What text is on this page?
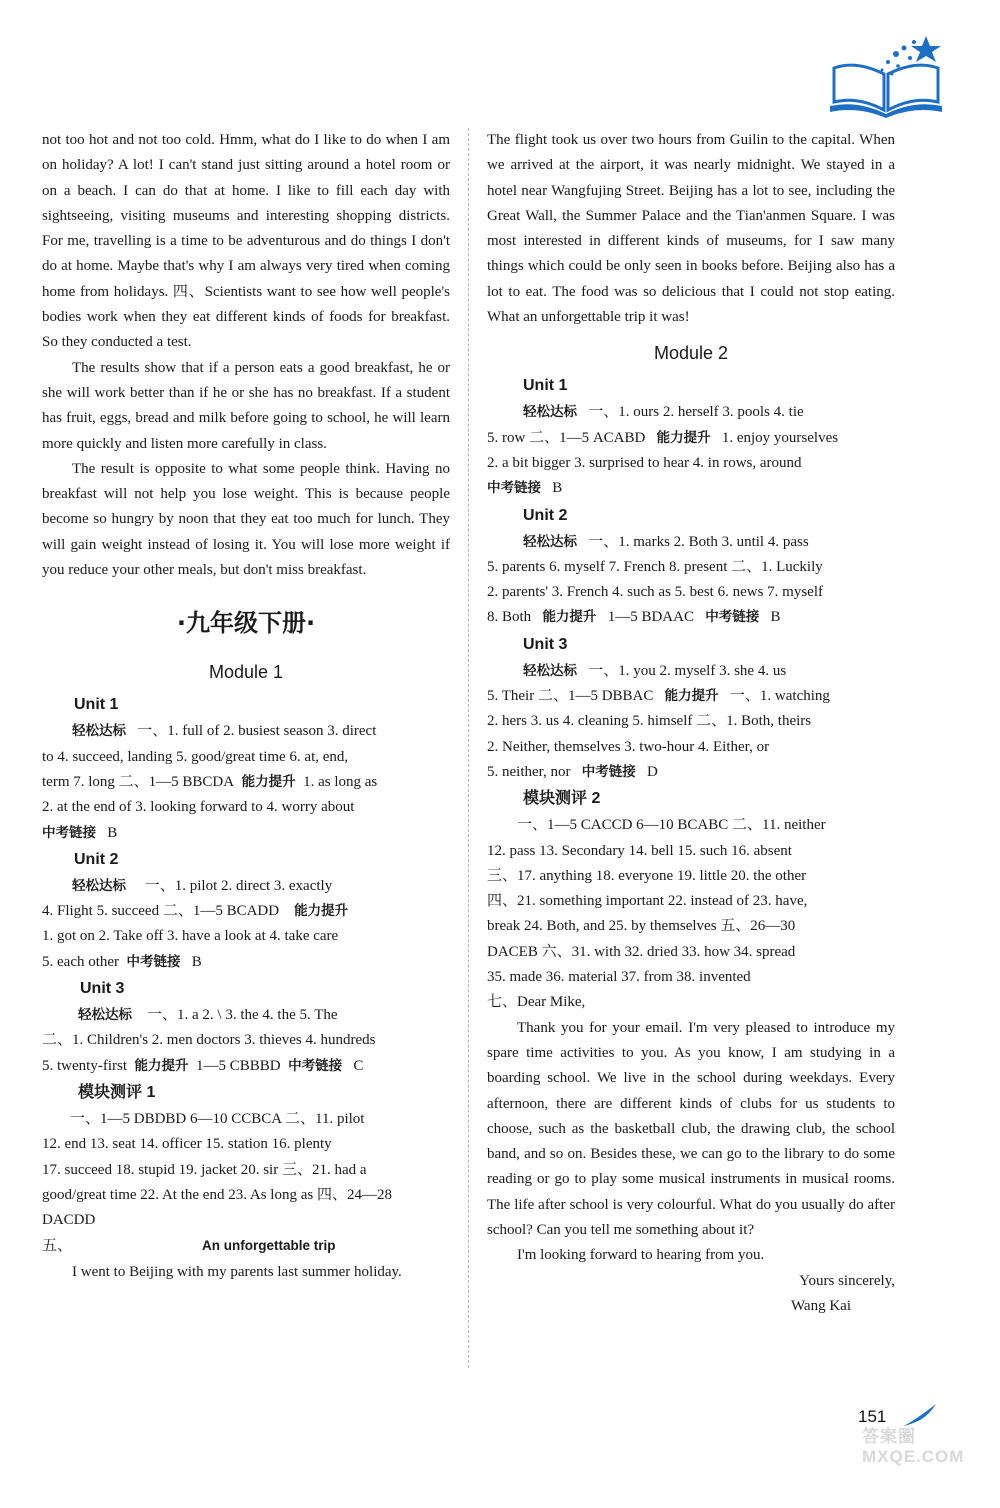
not too hot and not too cold. Hmm, what do I like to do when I am on holiday? A lot! I can't stand just sitting around a hotel room or on a beach. I can do that at home. I like to fill each day with sightseeing, visiting museums and interesting shopping districts. For me, travelling is a time to be adventurous and do things I don't do at home. Maybe that's why I am always very tired when coming home from holidays. 四、Scientists want to see how well people's bodies work when they eat different kinds of foods for breakfast. So they conducted a test.

The results show that if a person eats a good breakfast, he or she will work better than if he or she has no breakfast. If a student has fruit, eggs, bread and milk before going to school, he will learn more quickly and listen more carefully in class.

The result is opposite to what some people think. Having no breakfast will not help you lose weight. This is because people become so hungry by noon that they eat too much for lunch. They will gain weight instead of losing it. You will lose more weight if you reduce your other meals, but don't miss breakfast.

·九年级下册·
Module 1
Unit 1
轻松达标 一、1. full of 2. busiest season 3. direct
to 4. succeed, landing 5. good/great time 6. at, end,
term 7. long 二、1—5 BBCDA 能力提升 1. as long as
2. at the end of 3. looking forward to 4. worry about
中考链接 B
Unit 2
轻松达标 一、1. pilot 2. direct 3. exactly
4. Flight 5. succeed 二、1—5 BCADD 能力提升
1. got on 2. Take off 3. have a look at 4. take care
5. each other 中考链接 B
Unit 3
轻松达标 一、1. a 2. \ 3. the 4. the 5. The
二、1. Children's 2. men doctors 3. thieves 4. hundreds
5. twenty-first 能力提升 1—5 CBBBD 中考链接 C
模块测评 1
一、1—5 DBDBD 6—10 CCBCA 二、11. pilot
12. end 13. seat 14. officer 15. station 16. plenty
17. succeed 18. stupid 19. jacket 20. sir 三、21. had a
good/great time 22. At the end 23. As long as 四、24—28
DACDD
五、	An unforgettable trip
I went to Beijing with my parents last summer holiday.

The flight took us over two hours from Guilin to the capital. When we arrived at the airport, it was nearly midnight. We stayed in a hotel near Wangfujing Street. Beijing has a lot to see, including the Great Wall, the Summer Palace and the Tian'anmen Square. I was most interested in different kinds of museums, for I saw many things which could be only seen in books before. Beijing also has a lot to eat. The food was so delicious that I could not stop eating. What an unforgettable trip it was!

Module 2
Unit 1
轻松达标 一、1. ours 2. herself 3. pools 4. tie
5. row 二、1—5 ACABD 能力提升 1. enjoy yourselves
2. a bit bigger 3. surprised to hear 4. in rows, around
中考链接 B
Unit 2
轻松达标 一、1. marks 2. Both 3. until 4. pass
5. parents 6. myself 7. French 8. present 二、1. Luckily
2. parents' 3. French 4. such as 5. best 6. news 7. myself
8. Both 能力提升 1—5 BDAAC 中考链接 B
Unit 3
轻松达标 一、1. you 2. myself 3. she 4. us
5. Their 二、1—5 DBBAC 能力提升 一、1. watching
2. hers 3. us 4. cleaning 5. himself 二、1. Both, theirs
2. Neither, themselves 3. two-hour 4. Either, or
5. neither, nor 中考链接 D
模块测评 2
一、1—5 CACCD 6—10 BCABC 二、11. neither
12. pass 13. Secondary 14. bell 15. such 16. absent
三、17. anything 18. everyone 19. little 20. the other
四、21. something important 22. instead of 23. have,
break 24. Both, and 25. by themselves 五、26—30
DACEB 六、31. with 32. dried 33. how 34. spread
35. made 36. material 37. from 38. invented
七、Dear Mike,

Thank you for your email. I'm very pleased to introduce my spare time activities to you. As you know, I am studying in a boarding school. We live in the school during weekdays. Every afternoon, there are different kinds of clubs for us students to choose, such as the basketball club, the drawing club, the school band, and so on. Besides these, we can go to the library to do some reading or go to play some musical instruments in musical rooms. The life after school is very colourful. What do you usually do after school? Can you tell me something about it?

I'm looking forward to hearing from you.

Yours sincerely,
Wang Kai
151
答案圈 MXQE.COM
